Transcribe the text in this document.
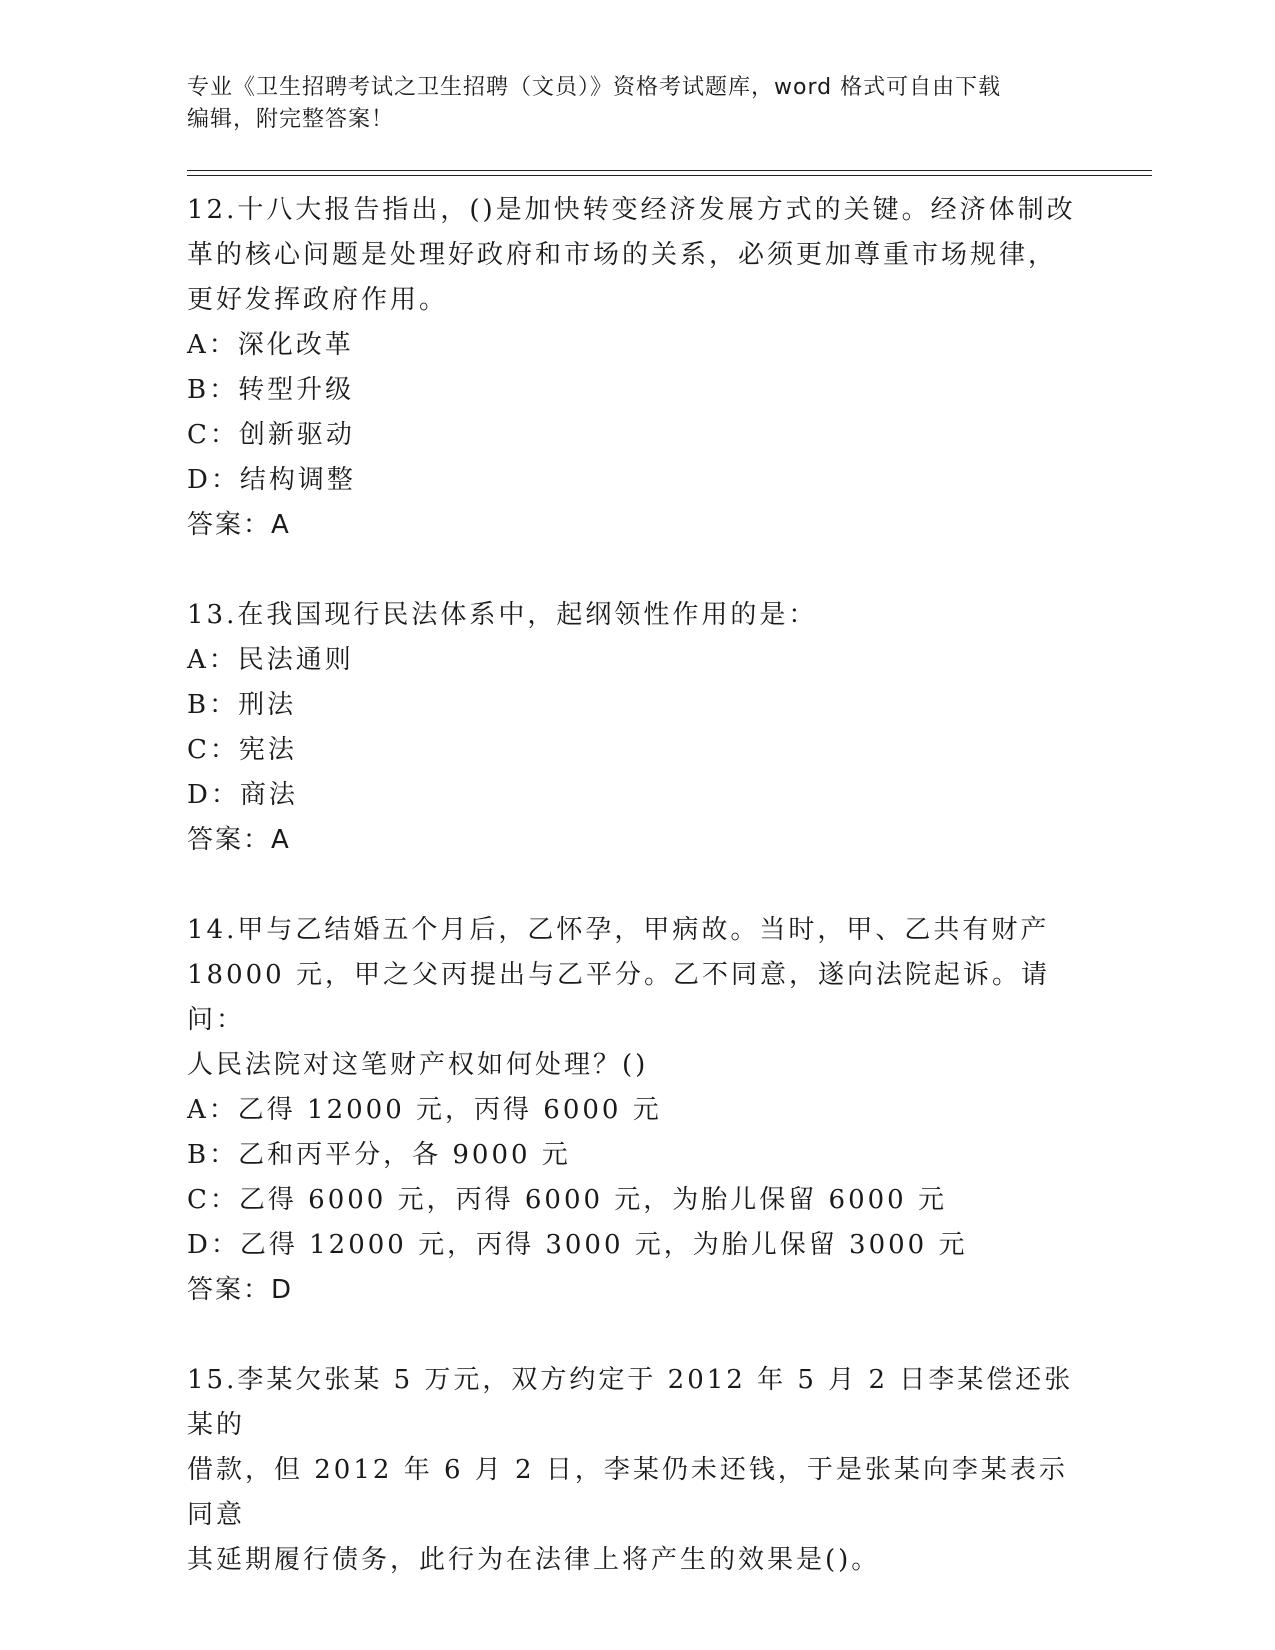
专业《卫生招聘考试之卫生招聘（文员）》资格考试题库，word 格式可自由下载
编辑，附完整答案！
12.十八大报告指出，()是加快转变经济发展方式的关键。经济体制改
革的核心问题是处理好政府和市场的关系，必须更加尊重市场规律，
更好发挥政府作用。
A：深化改革
B：转型升级
C：创新驱动
D：结构调整
答案：A
13.在我国现行民法体系中，起纲领性作用的是：
A：民法通则
B：刑法
C：宪法
D：商法
答案：A
14.甲与乙结婚五个月后，乙怀孕，甲病故。当时，甲、乙共有财产
18000 元，甲之父丙提出与乙平分。乙不同意，遂向法院起诉。请问：
人民法院对这笔财产权如何处理？()
A：乙得 12000 元，丙得 6000 元
B：乙和丙平分，各 9000 元
C：乙得 6000 元，丙得 6000 元，为胎儿保留 6000 元
D：乙得 12000 元，丙得 3000 元，为胎儿保留 3000 元
答案：D
15.李某欠张某 5 万元，双方约定于 2012 年 5 月 2 日李某偿还张某的
借款，但 2012 年 6 月 2 日，李某仍未还钱，于是张某向李某表示同意
其延期履行债务，此行为在法律上将产生的效果是()。
